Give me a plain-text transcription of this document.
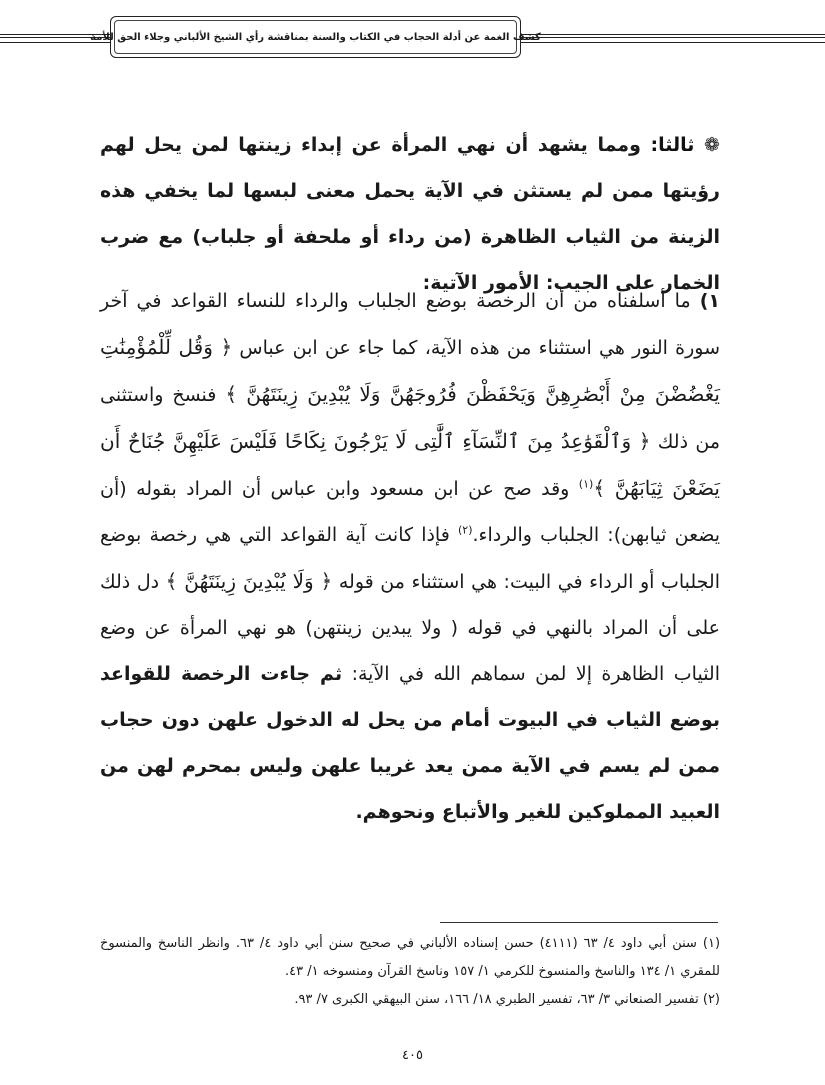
كشف الغمة عن أدلة الحجاب في الكتاب والسنة بمناقشة رأي الشيخ الألباني وجلاء الحق للأمة
❁ ثالثا: ومما يشهد أن نهي المرأة عن إبداء زينتها لمن يحل لهم رؤيتها ممن لم يستثن في الآية يحمل معنى لبسها لما يخفي هذه الزينة من الثياب الظاهرة (من رداء أو ملحفة أو جلباب) مع ضرب الخمار على الجيب: الأمور الآتية:
١) ما أسلفناه من أن الرخصة بوضع الجلباب والرداء للنساء القواعد في آخر سورة النور هي استثناء من هذه الآية، كما جاء عن ابن عباس ﴿ وَقُل لِّلْمُؤْمِنَٰتِ يَغْضُضْنَ مِنْ أَبْصَٰرِهِنَّ وَيَحْفَظْنَ فُرُوجَهُنَّ وَلَا يُبْدِينَ زِينَتَهُنَّ ﴾ فنسخ واستثنى من ذلك ﴿ وَٱلْقَوَٰعِدُ مِنَ ٱلنِّسَآءِ ٱلَّٰتِى لَا يَرْجُونَ نِكَاحًا فَلَيْسَ عَلَيْهِنَّ جُنَاحٌ أَن يَضَعْنَ ثِيَابَهُنَّ ﴾$^{(١)}$ وقد صح عن ابن مسعود وابن عباس أن المراد بقوله (أن يضعن ثيابهن): الجلباب والرداء.$^{(٢)}$ فإذا كانت آية القواعد التي هي رخصة بوضع الجلباب أو الرداء في البيت: هي استثناء من قوله ﴿ وَلَا يُبْدِينَ زِينَتَهُنَّ ﴾ دل ذلك على أن المراد بالنهي في قوله ( ولا يبدين زينتهن) هو نهي المرأة عن وضع الثياب الظاهرة إلا لمن سماهم الله في الآية: ثم جاءت الرخصة للقواعد بوضع الثياب في البيوت أمام من يحل له الدخول علهن دون حجاب ممن لم يسم في الآية ممن يعد غريبا علهن وليس بمحرم لهن من العبيد المملوكين للغير والأتباع ونحوهم.

(١) سنن أبي داود ٤/ ٦٣ (٤١١١) حسن إسناده الألباني في صحيح سنن أبي داود ٤/ ٦٣. وانظر الناسخ والمنسوخ للمقري ١/ ١٣٤ والناسخ والمنسوخ للكرمي ١/ ١٥٧ وناسخ القرآن ومنسوخه ١/ ٤٣.

(٢) تفسير الصنعاني ٣/ ٦٣، تفسير الطبري ١٨/ ١٦٦، سنن البيهقي الكبرى ٧/ ٩٣.

٤٠٥
